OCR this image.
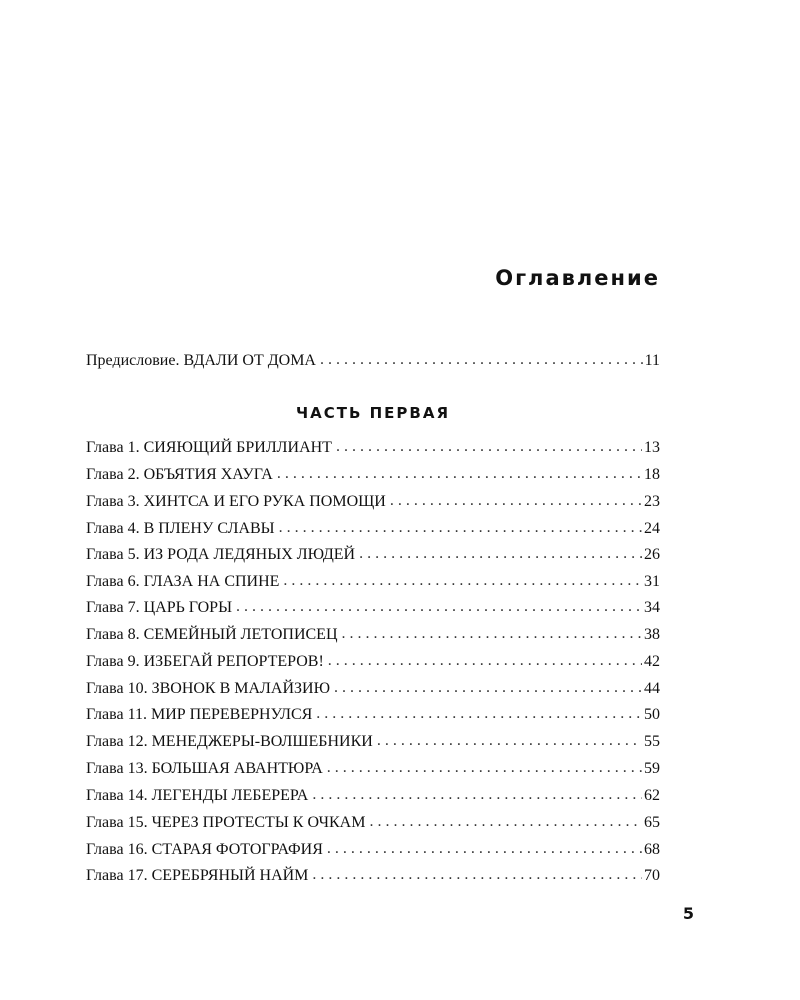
Оглавление
Предисловие. ВДАЛИ ОТ ДОМА . . .	11
ЧАСТЬ ПЕРВАЯ
Глава 1. СИЯЮЩИЙ БРИЛЛИАНТ . . .	13
Глава 2. ОБЪЯТИЯ ХАУГА . . .	18
Глава 3. ХИНТСА И ЕГО РУКА ПОМОЩИ . . .	23
Глава 4. В ПЛЕНУ СЛАВЫ . . .	24
Глава 5. ИЗ РОДА ЛЕДЯНЫХ ЛЮДЕЙ . . .	26
Глава 6. ГЛАЗА НА СПИНЕ . . .	31
Глава 7. ЦАРЬ ГОРЫ . . .	34
Глава 8. СЕМЕЙНЫЙ ЛЕТОПИСЕЦ . . .	38
Глава 9. ИЗБЕГАЙ РЕПОРТЕРОВ! . . .	42
Глава 10. ЗВОНОК В МАЛАЙЗИЮ . . .	44
Глава 11. МИР ПЕРЕВЕРНУЛСЯ . . .	50
Глава 12. МЕНЕДЖЕРЫ-ВОЛШЕБНИКИ . . .	55
Глава 13. БОЛЬШАЯ АВАНТЮРА . . .	59
Глава 14. ЛЕГЕНДЫ ЛЕБЕРЕРА . . .	62
Глава 15. ЧЕРЕЗ ПРОТЕСТЫ К ОЧКАМ . . .	65
Глава 16. СТАРАЯ ФОТОГРАФИЯ . . .	68
Глава 17. СЕРЕБРЯНЫЙ НАЙМ . . .	70
5
